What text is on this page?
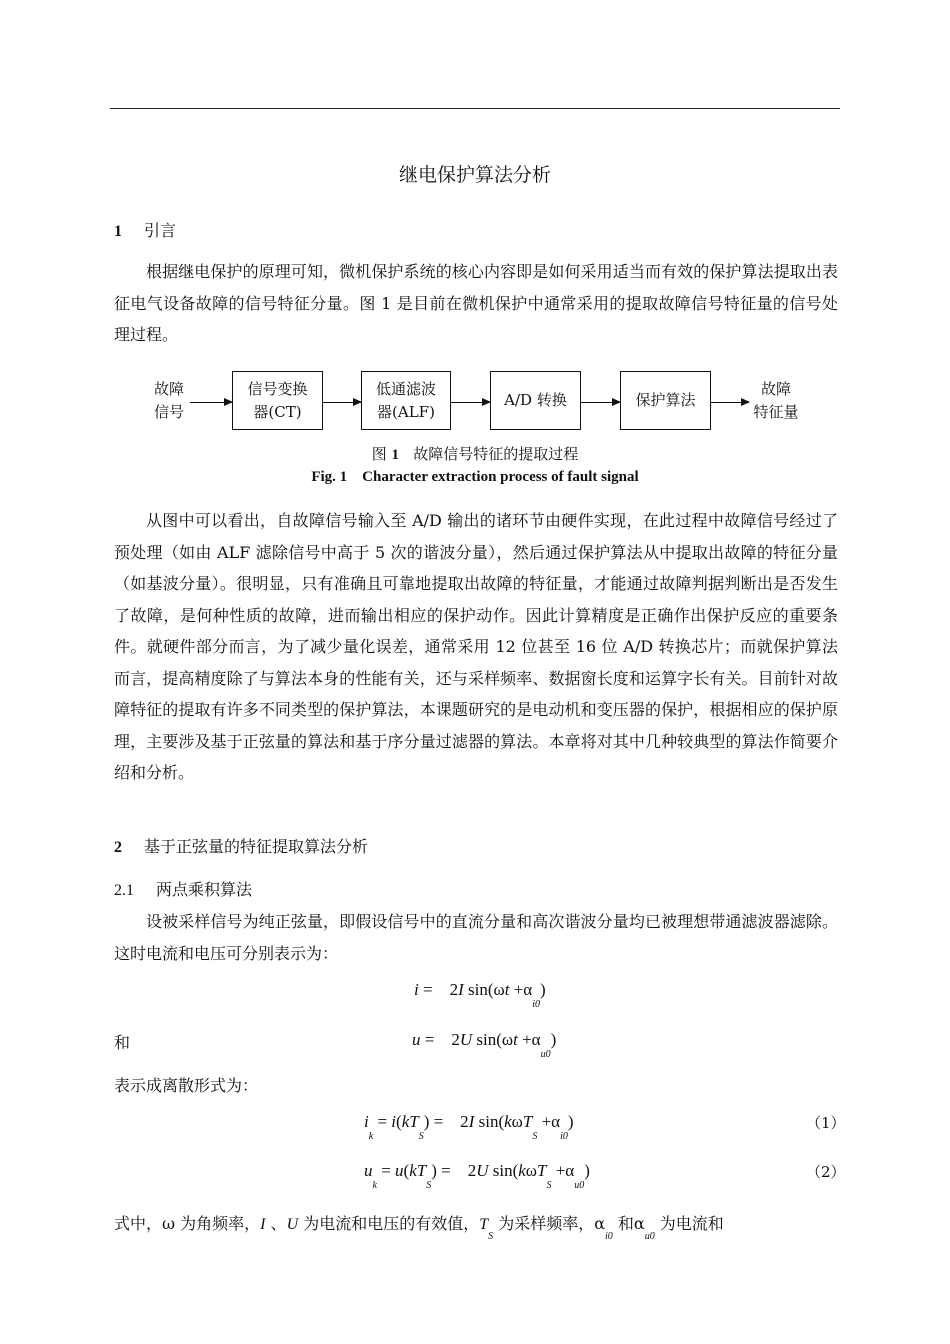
继电保护算法分析
1 引言

根据继电保护的原理可知，微机保护系统的核心内容即是如何采用适当而有效的保护算法提取出表征电气设备故障的信号特征分量。图 1 是目前在微机保护中通常采用的提取故障信号特征量的信号处理过程。

故障
信号
信号变换
器(CT)
低通滤波
器(ALF)
A/D 转换	保护算法
故障
特征量
图 1 故障信号特征的提取过程
Fig. 1    Character extraction process of fault signal

从图中可以看出，自故障信号输入至 A/D 输出的诸环节由硬件实现，在此过程中故障信号经过了预处理（如由 ALF 滤除信号中高于 5 次的谐波分量），然后通过保护算法从中提取出故障的特征分量（如基波分量）。很明显，只有准确且可靠地提取出故障的特征量，才能通过故障判据判断出是否发生了故障，是何种性质的故障，进而输出相应的保护动作。因此计算精度是正确作出保护反应的重要条件。就硬件部分而言，为了减少量化误差，通常采用 12 位甚至 16 位 A/D 转换芯片；而就保护算法而言，提高精度除了与算法本身的性能有关，还与采样频率、数据窗长度和运算字长有关。目前针对故障特征的提取有许多不同类型的保护算法，本课题研究的是电动机和变压器的保护，根据相应的保护原理，主要涉及基于正弦量的算法和基于序分量过滤器的算法。本章将对其中几种较典型的算法作简要介绍和分析。

2 基于正弦量的特征提取算法分析
2.1 两点乘积算法

设被采样信号为纯正弦量，即假设信号中的直流分量和高次谐波分量均已被理想带通滤波器滤除。这时电流和电压可分别表示为：

i =    2I $\sin(\omega t +\alpha_{i0})$
和	u =    2U $\sin(\omega t +\alpha_{u0})$
表示成离散形式为：
$i_k = i(kT_S)$ =    2I $\sin(k\omega T_S +\alpha_{i0})$	（1）
$u_k = u(kT_S)$ =    2U $\sin(k\omega T_S +\alpha_{u0})$	（2）
式中，ω 为角频率，I 、U 为电流和电压的有效值，$T_S$ 为采样频率，$\alpha_{i0}$ 和$\alpha_{u0}$ 为电流和
